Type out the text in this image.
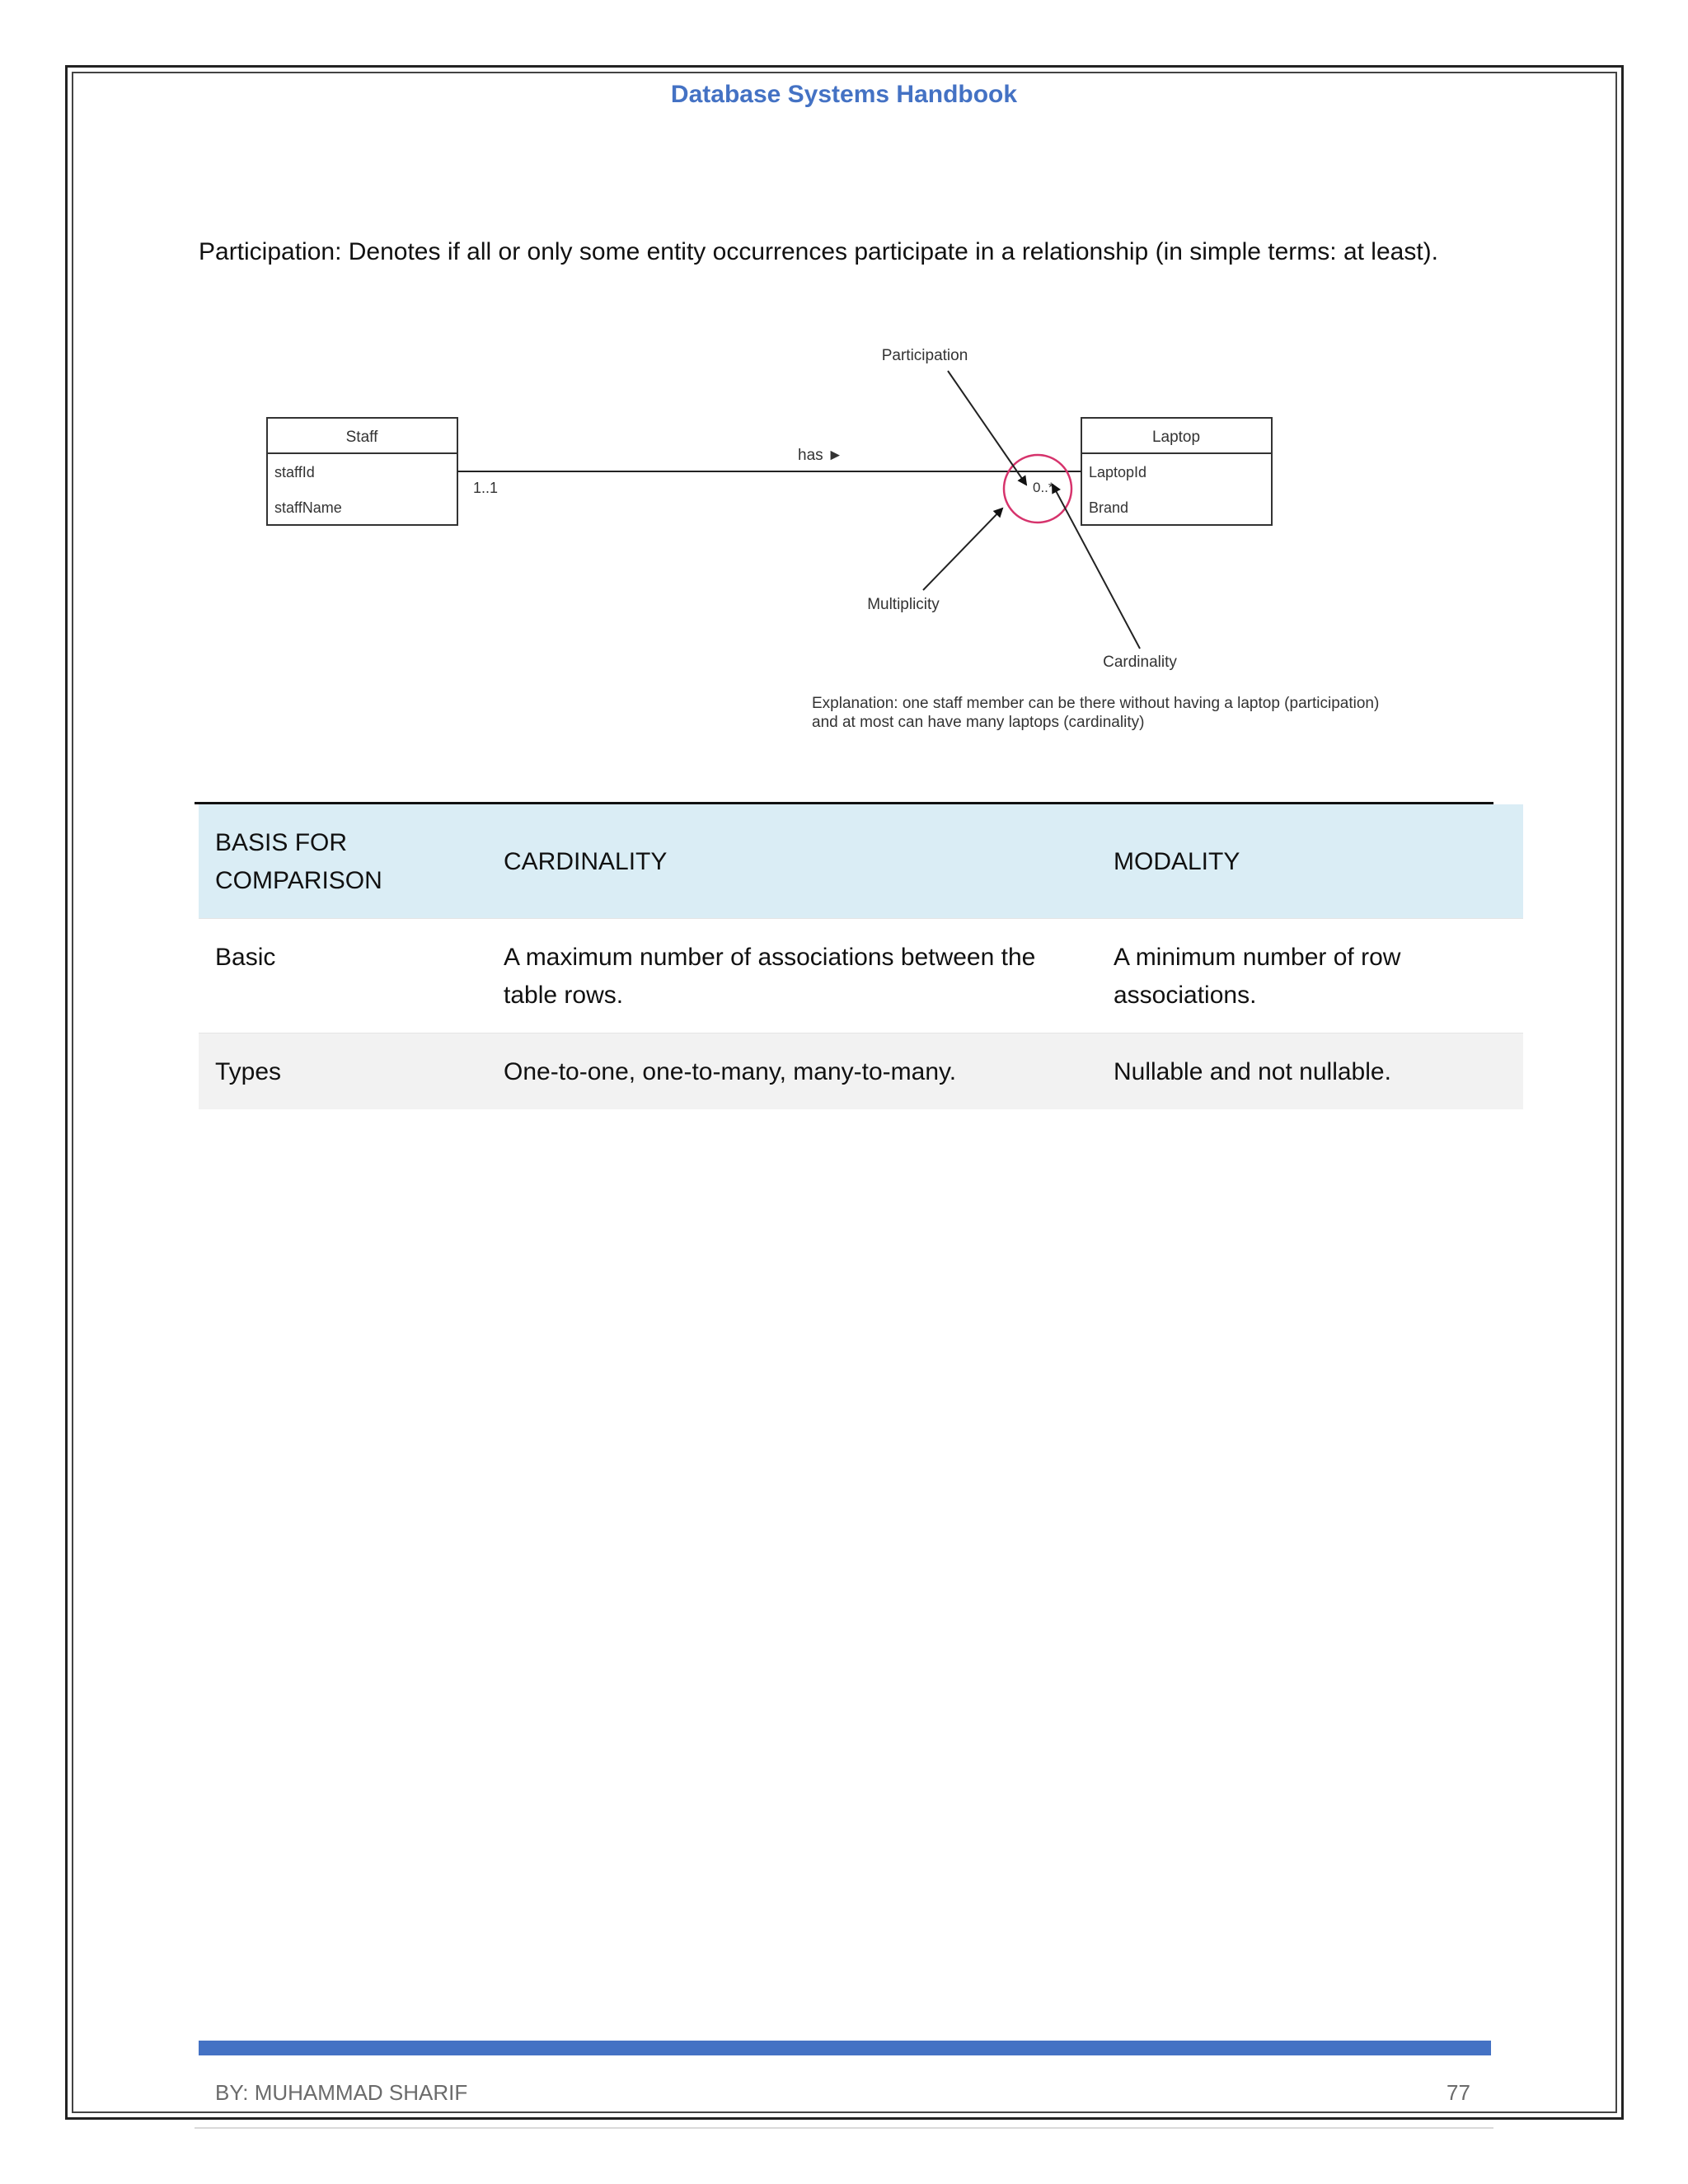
Database Systems Handbook
Participation: Denotes if all or only some entity occurrences participate in a relationship (in simple terms: at least).
Staff
staffId
staffName
Laptop
LaptopId
Brand
has ►
1..1	0..*
Participation
Multiplicity
Cardinality
Explanation: one staff member can be there without having a laptop (participation)
and at most can have many laptops (cardinality)
BASIS FOR COMPARISON	CARDINALITY	MODALITY
Basic	A maximum number of associations between the table rows.	A minimum number of row associations.
Types	One-to-one, one-to-many, many-to-many.	Nullable and not nullable.
BY: MUHAMMAD SHARIF	77
